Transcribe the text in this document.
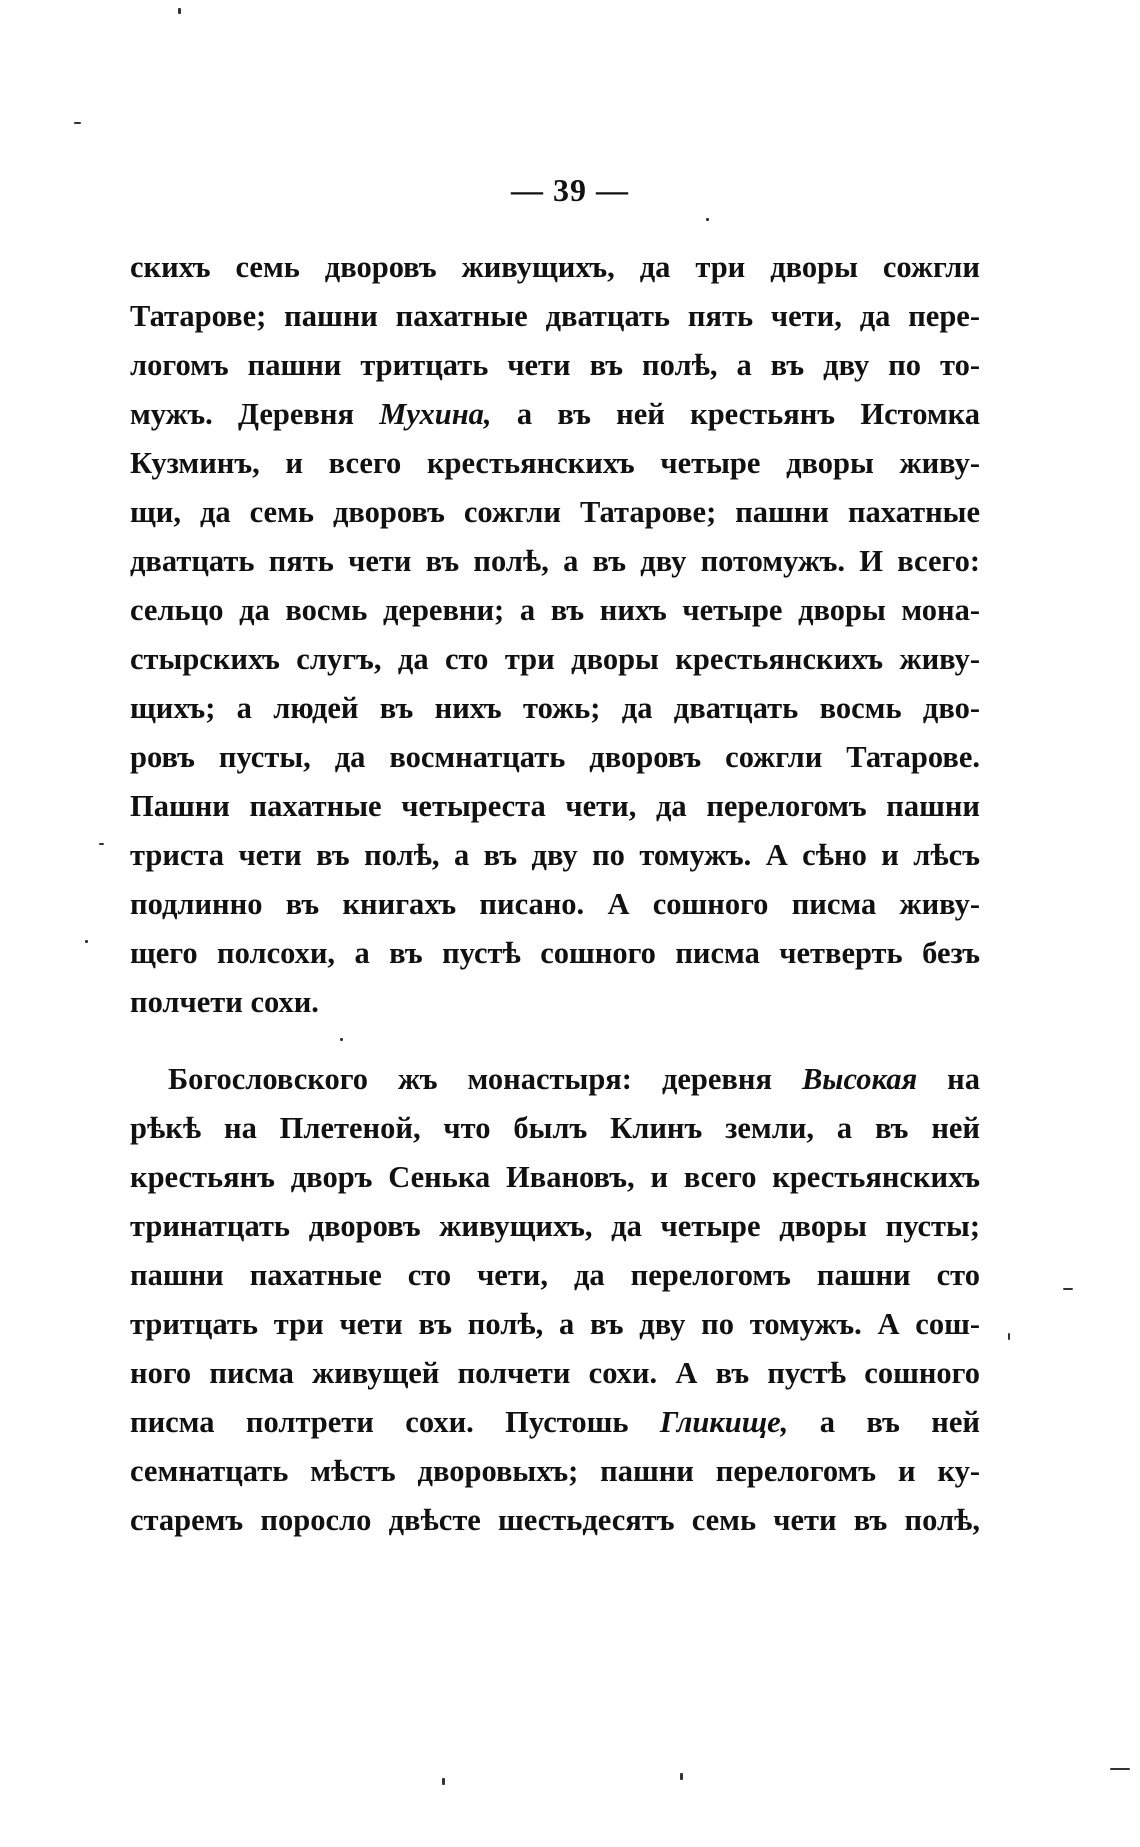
— 39 —
скихъ семь дворовъ живущихъ, да три дворы сожгли
Татарове; пашни пахатные дватцать пять чети, да пере-
логомъ пашни тритцать чети въ полѣ, а въ дву по то-
мужъ. Деревня Мухина, а въ ней крестьянъ Истомка
Кузминъ, и всего крестьянскихъ четыре дворы живу-
щи, да семь дворовъ сожгли Татарове; пашни пахатные
дватцать пять чети въ полѣ, а въ дву потомужъ. И всего:
сельцо да восмь деревни; а въ нихъ четыре дворы мона-
стырскихъ слугъ, да сто три дворы крестьянскихъ живу-
щихъ; а людей въ нихъ тожь; да дватцать восмь дво-
ровъ пусты, да восмнатцать дворовъ сожгли Татарове.
Пашни пахатные четыреста чети, да перелогомъ пашни
триста чети въ полѣ, а въ дву по томужъ. А сѣно и лѣсъ
подлинно въ книгахъ писано. А сошного писма живу-
щего полсохи, а въ пустѣ сошного писма четверть безъ
полчети сохи.
Богословского жъ монастыря: деревня Высокая на
рѣкѣ на Плетеной, что былъ Клинъ земли, а въ ней
крестьянъ дворъ Сенька Ивановъ, и всего крестьянскихъ
тринатцать дворовъ живущихъ, да четыре дворы пусты;
пашни пахатные сто чети, да перелогомъ пашни сто
тритцать три чети въ полѣ, а въ дву по томужъ. А сош-
ного писма живущей полчети сохи. А въ пустѣ сошного
писма полтрети сохи. Пустошь Гликище, а въ ней
семнатцать мѣстъ дворовыхъ; пашни перелогомъ и ку-
старемъ поросло двѣсте шестьдесятъ семь чети въ полѣ,
